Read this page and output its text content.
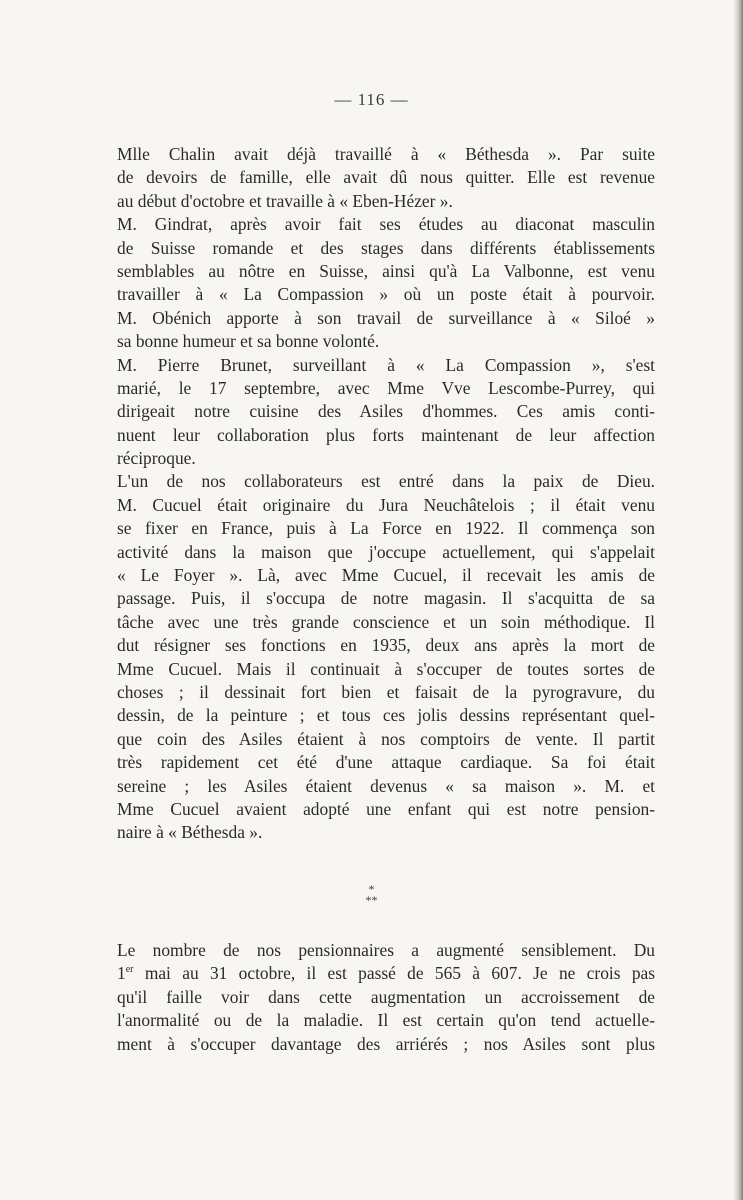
— 116 —
Mlle Chalin avait déjà travaillé à « Béthesda ». Par suite
de devoirs de famille, elle avait dû nous quitter. Elle est revenue
au début d'octobre et travaille à « Eben-Hézer ».
M. Gindrat, après avoir fait ses études au diaconat masculin
de Suisse romande et des stages dans différents établissements
semblables au nôtre en Suisse, ainsi qu'à La Valbonne, est venu
travailler à « La Compassion » où un poste était à pourvoir.
M. Obénich apporte à son travail de surveillance à « Siloé »
sa bonne humeur et sa bonne volonté.
M. Pierre Brunet, surveillant à « La Compassion », s'est
marié, le 17 septembre, avec Mme Vve Lescombe-Purrey, qui
dirigeait notre cuisine des Asiles d'hommes. Ces amis conti-
nuent leur collaboration plus forts maintenant de leur affection
réciproque.
L'un de nos collaborateurs est entré dans la paix de Dieu.
M. Cucuel était originaire du Jura Neuchâtelois ; il était venu
se fixer en France, puis à La Force en 1922. Il commença son
activité dans la maison que j'occupe actuellement, qui s'appelait
« Le Foyer ». Là, avec Mme Cucuel, il recevait les amis de
passage. Puis, il s'occupa de notre magasin. Il s'acquitta de sa
tâche avec une très grande conscience et un soin méthodique. Il
dut résigner ses fonctions en 1935, deux ans après la mort de
Mme Cucuel. Mais il continuait à s'occuper de toutes sortes de
choses ; il dessinait fort bien et faisait de la pyrogravure, du
dessin, de la peinture ; et tous ces jolis dessins représentant quel-
que coin des Asiles étaient à nos comptoirs de vente. Il partit
très rapidement cet été d'une attaque cardiaque. Sa foi était
sereine ; les Asiles étaient devenus « sa maison ». M. et
Mme Cucuel avaient adopté une enfant qui est notre pension-
naire à « Béthesda ».
*
**
Le nombre de nos pensionnaires a augmenté sensiblement. Du
1er mai au 31 octobre, il est passé de 565 à 607. Je ne crois pas
qu'il faille voir dans cette augmentation un accroissement de
l'anormalité ou de la maladie. Il est certain qu'on tend actuelle-
ment à s'occuper davantage des arriérés ; nos Asiles sont plus
